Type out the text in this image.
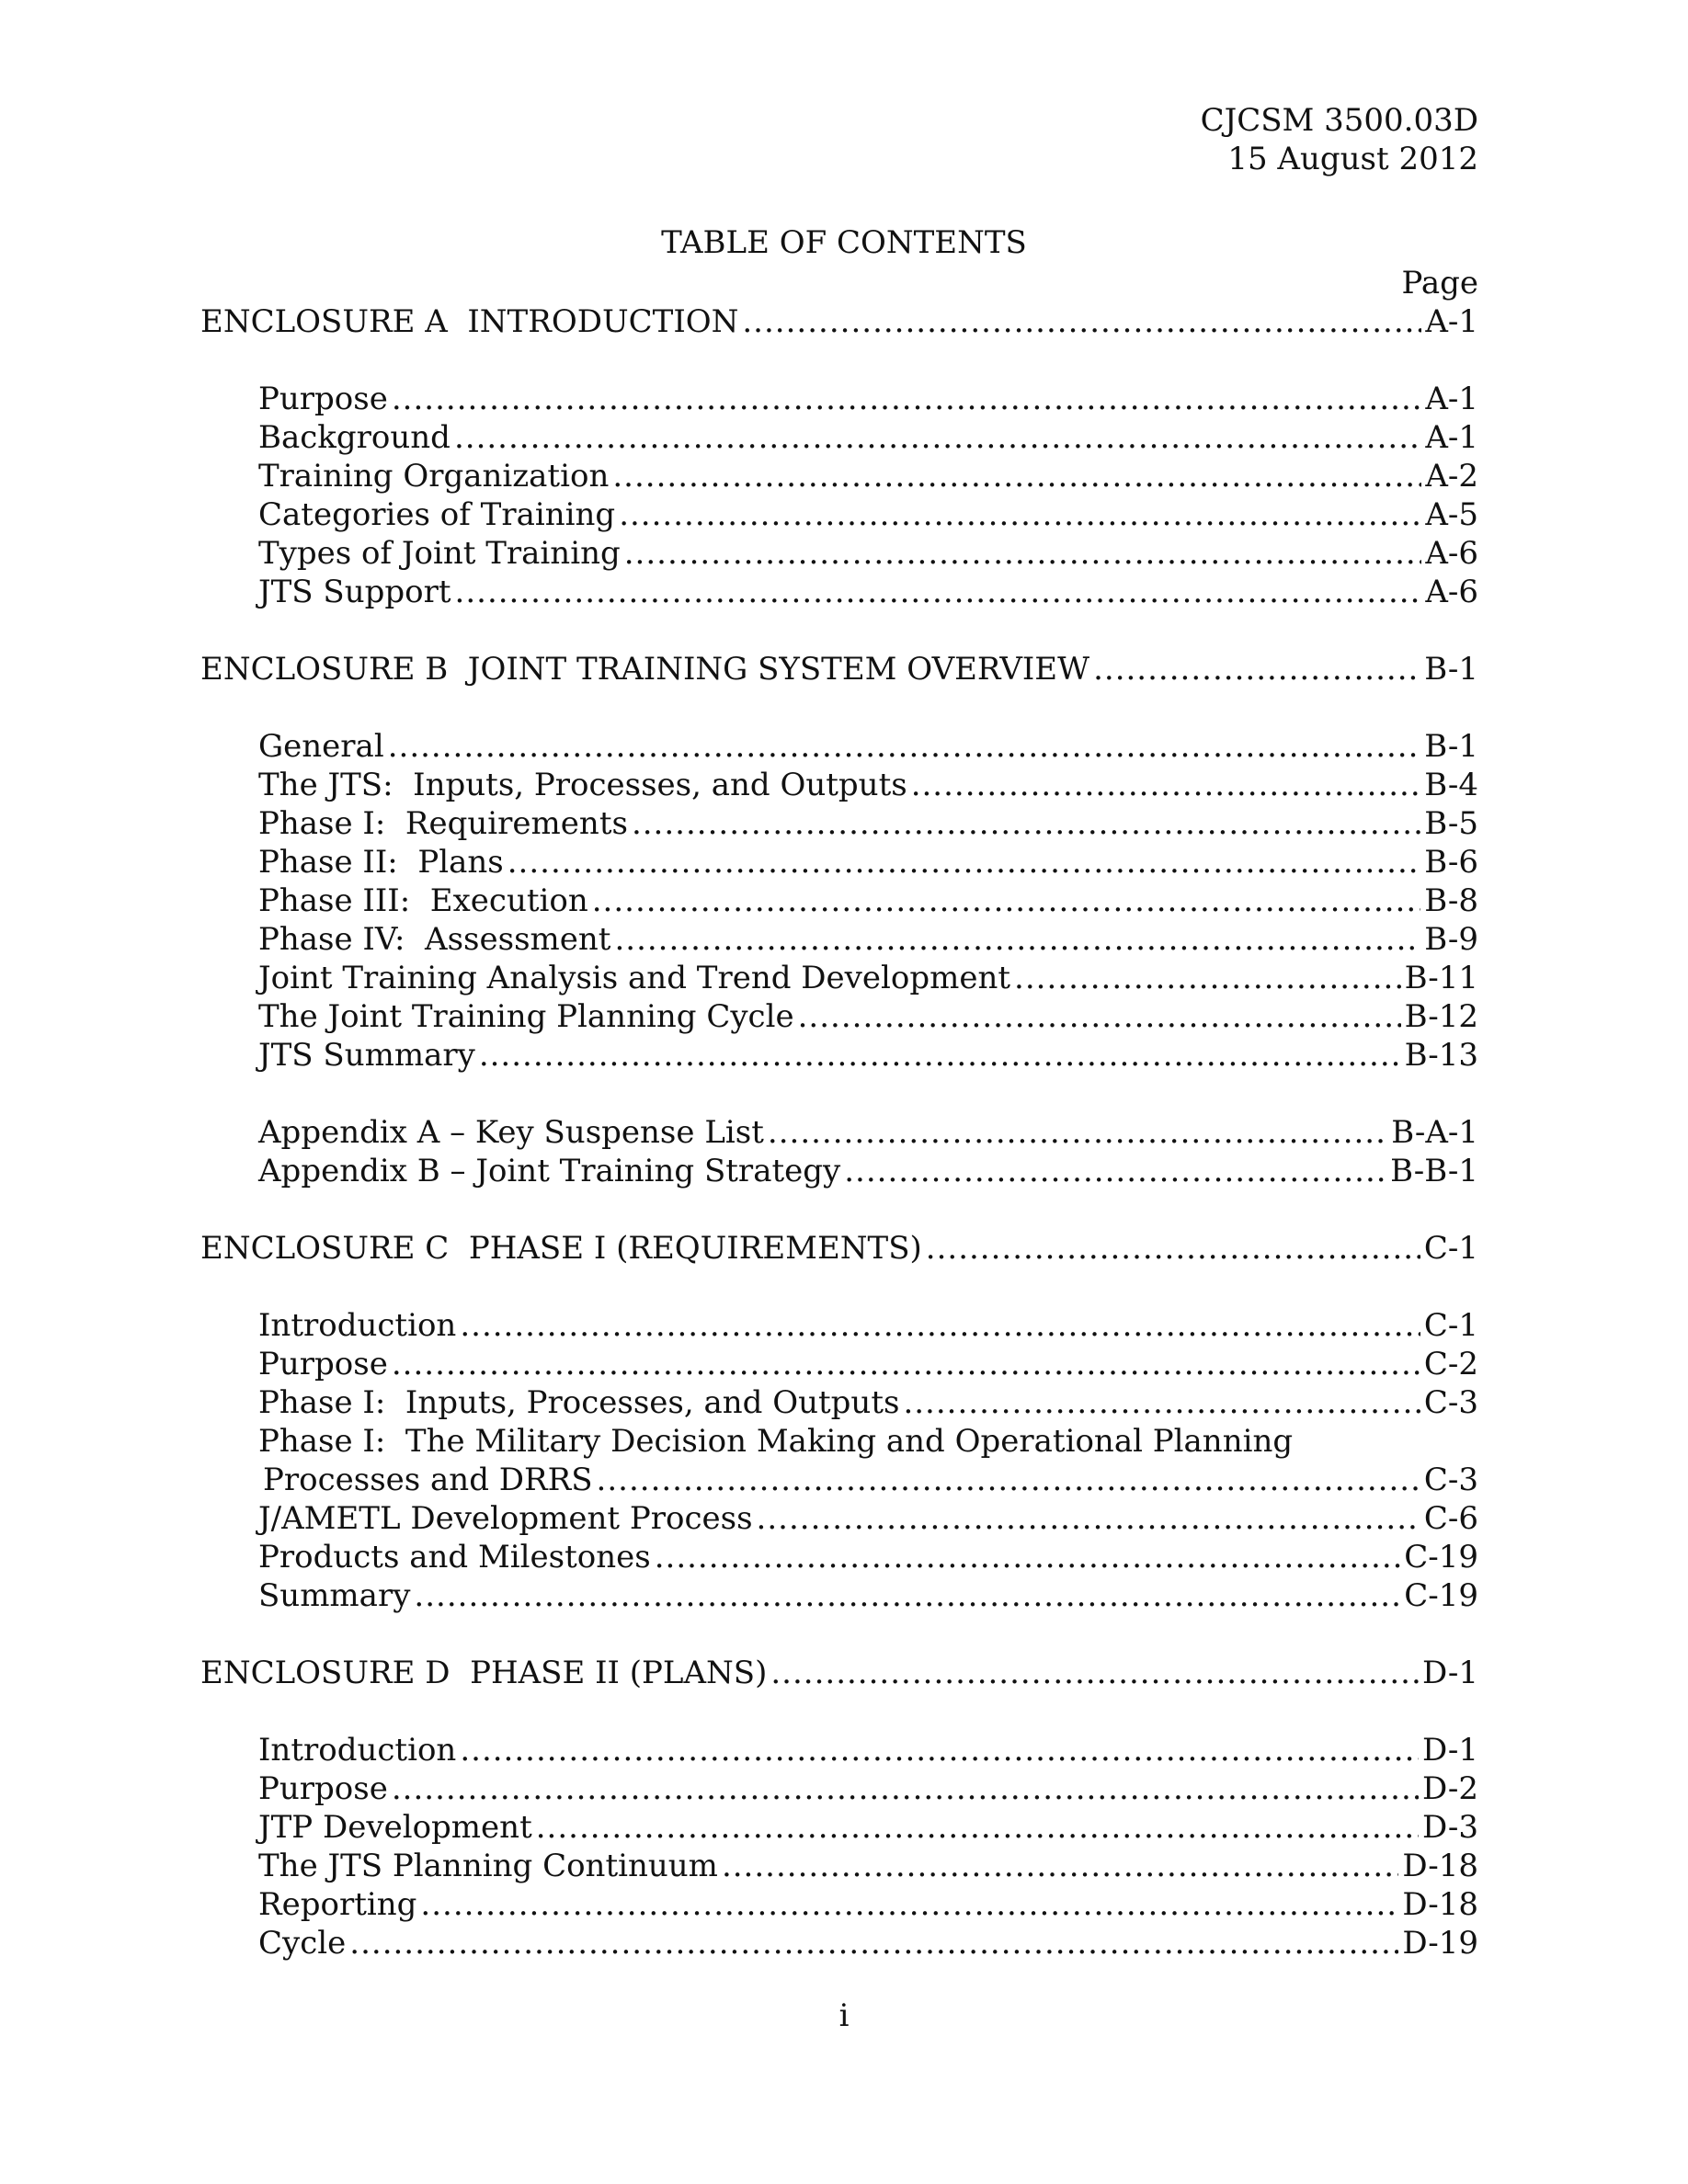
CJCSM 3500.03D
15 August 2012
TABLE OF CONTENTS
Page
ENCLOSURE A  INTRODUCTION .....	A-1
Purpose .....	A-1
Background .....	A-1
Training Organization .....	A-2
Categories of Training .....	A-5
Types of Joint Training .....	A-6
JTS Support .....	A-6
ENCLOSURE B  JOINT TRAINING SYSTEM OVERVIEW .....	B-1
General .....	B-1
The JTS:  Inputs, Processes, and Outputs .....	B-4
Phase I:  Requirements .....	B-5
Phase II:  Plans .....	B-6
Phase III:  Execution .....	B-8
Phase IV:  Assessment .....	B-9
Joint Training Analysis and Trend Development .....	B-11
The Joint Training Planning Cycle .....	B-12
JTS Summary .....	B-13
Appendix A – Key Suspense List .....	B-A-1
Appendix B – Joint Training Strategy .....	B-B-1
ENCLOSURE C  PHASE I (REQUIREMENTS) .....	C-1
Introduction .....	C-1
Purpose .....	C-2
Phase I:  Inputs, Processes, and Outputs .....	C-3
Phase I:  The Military Decision Making and Operational Planning
Processes and DRRS .....	C-3
J/AMETL Development Process .....	C-6
Products and Milestones .....	C-19
Summary .....	C-19
ENCLOSURE D  PHASE II (PLANS) .....	D-1
Introduction .....	D-1
Purpose .....	D-2
JTP Development .....	D-3
The JTS Planning Continuum .....	D-18
Reporting .....	D-18
Cycle .....	D-19
i
